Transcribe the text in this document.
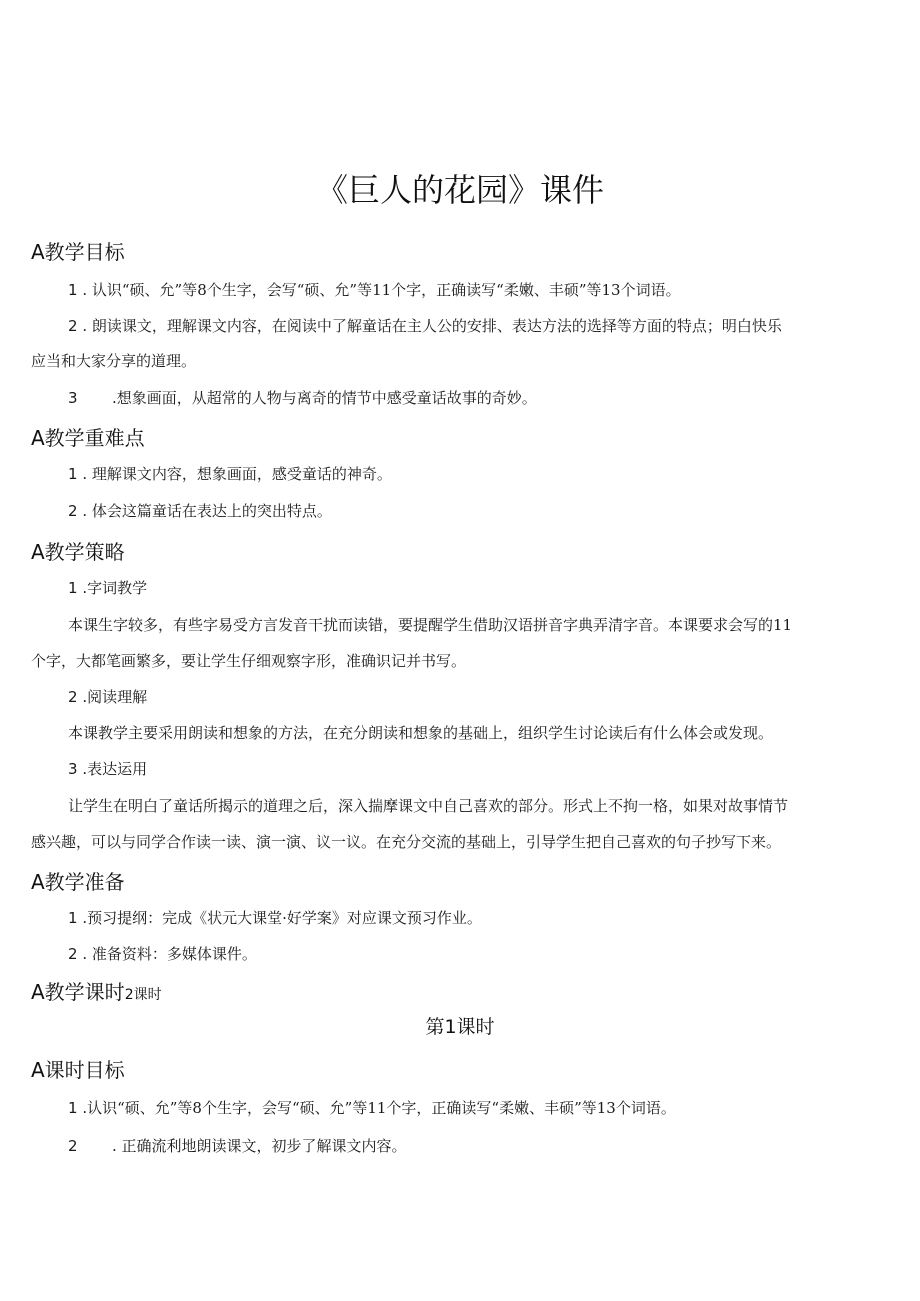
《巨人的花园》课件
A教学目标
1 . 认识“硕、允”等8个生字，会写“硕、允”等11个字，正确读写“柔嫩、丰硕”等13个词语。
2 . 朗读课文，理解课文内容，在阅读中了解童话在主人公的安排、表达方法的选择等方面的特点；明白快乐
应当和大家分享的道理。
3 .想象画面，从超常的人物与离奇的情节中感受童话故事的奇妙。
A教学重难点
1 . 理解课文内容，想象画面，感受童话的神奇。
2 . 体会这篇童话在表达上的突出特点。
A教学策略
1 .字词教学
本课生字较多，有些字易受方言发音干扰而读错，要提醒学生借助汉语拼音字典弄清字音。本课要求会写的11
个字，大都笔画繁多，要让学生仔细观察字形，准确识记并书写。
2 .阅读理解
本课教学主要采用朗读和想象的方法，在充分朗读和想象的基础上，组织学生讨论读后有什么体会或发现。
3 .表达运用
让学生在明白了童话所揭示的道理之后，深入揣摩课文中自己喜欢的部分。形式上不拘一格，如果对故事情节
感兴趣，可以与同学合作读一读、演一演、议一议。在充分交流的基础上，引导学生把自己喜欢的句子抄写下来。
A教学准备
1 .预习提纲：完成《状元大课堂·好学案》对应课文预习作业。
2 . 准备资料：多媒体课件。
A教学课时2课时
第1课时
A课时目标
1 .认识“硕、允”等8个生字，会写“硕、允”等11个字，正确读写“柔嫩、丰硕”等13个词语。
2 . 正确流利地朗读课文，初步了解课文内容。
